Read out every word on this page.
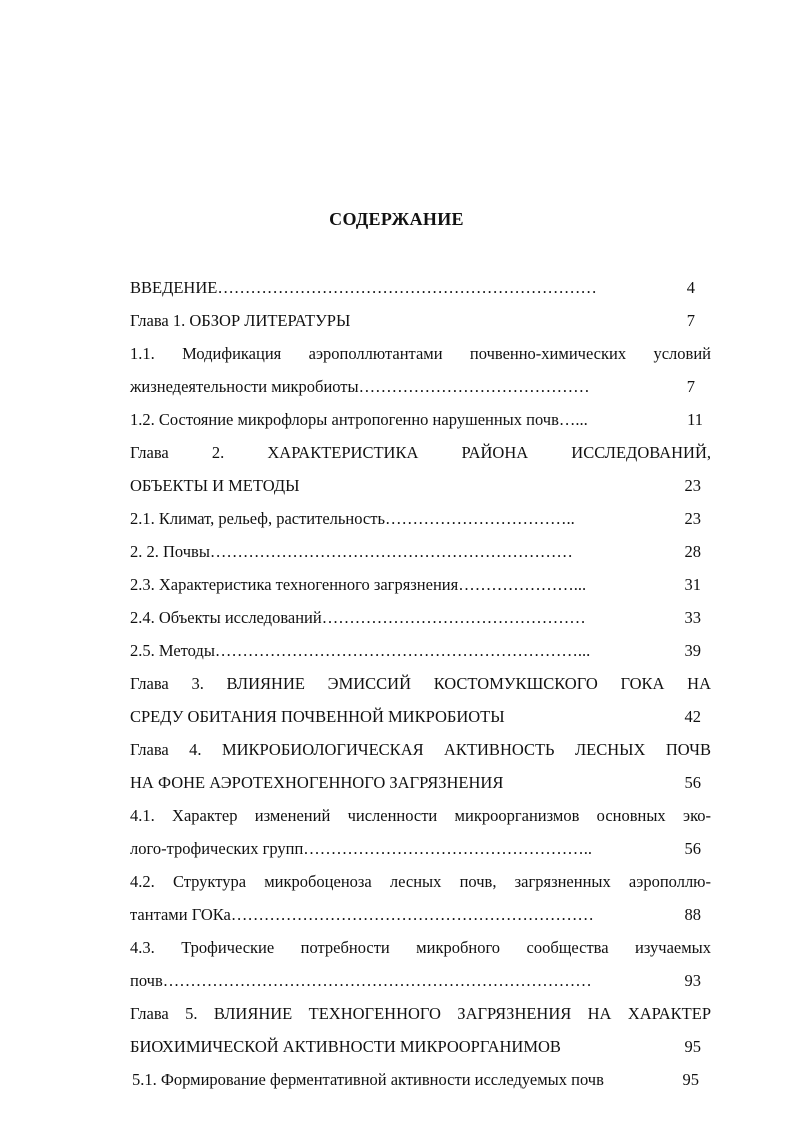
СОДЕРЖАНИЕ
ВВЕДЕНИЕ……………………………………………………………	4
Глава 1. ОБЗОР ЛИТЕРАТУРЫ	7
1.1. Модификация аэрополлютантами почвенно-химических условий
жизнедеятельности микробиоты……………………………………	7
1.2. Состояние микрофлоры антропогенно нарушенных почв…...	11
Глава 2. ХАРАКТЕРИСТИКА РАЙОНА ИССЛЕДОВАНИЙ,
ОБЪЕКТЫ И МЕТОДЫ	23
2.1. Климат, рельеф, растительность……………………………..	23
2. 2. Почвы…………………………………………………………	28
2.3. Характеристика техногенного загрязнения…………………...	31
2.4. Объекты исследований…………………………………………	33
2.5. Методы…………………………………………………………...	39
Глава 3. ВЛИЯНИЕ ЭМИССИЙ КОСТОМУКШСКОГО ГОКА НА
СРЕДУ ОБИТАНИЯ ПОЧВЕННОЙ МИКРОБИОТЫ	42
Глава 4. МИКРОБИОЛОГИЧЕСКАЯ АКТИВНОСТЬ ЛЕСНЫХ ПОЧВ
НА ФОНЕ АЭРОТЕХНОГЕННОГО ЗАГРЯЗНЕНИЯ	56
4.1. Характер изменений численности микроорганизмов основных эко-
лого-трофических групп……………………………………………..	56
4.2. Структура микробоценоза лесных почв, загрязненных аэрополлю-
тантами ГОКа…………………………………………………………	88
4.3. Трофические потребности микробного сообщества изучаемых
почв……………………………………………………………………	93
Глава 5. ВЛИЯНИЕ ТЕХНОГЕННОГО ЗАГРЯЗНЕНИЯ НА ХАРАКТЕР
БИОХИМИЧЕСКОЙ АКТИВНОСТИ МИКРООРГАНИМОВ	95
5.1. Формирование ферментативной активности исследуемых почв	95
